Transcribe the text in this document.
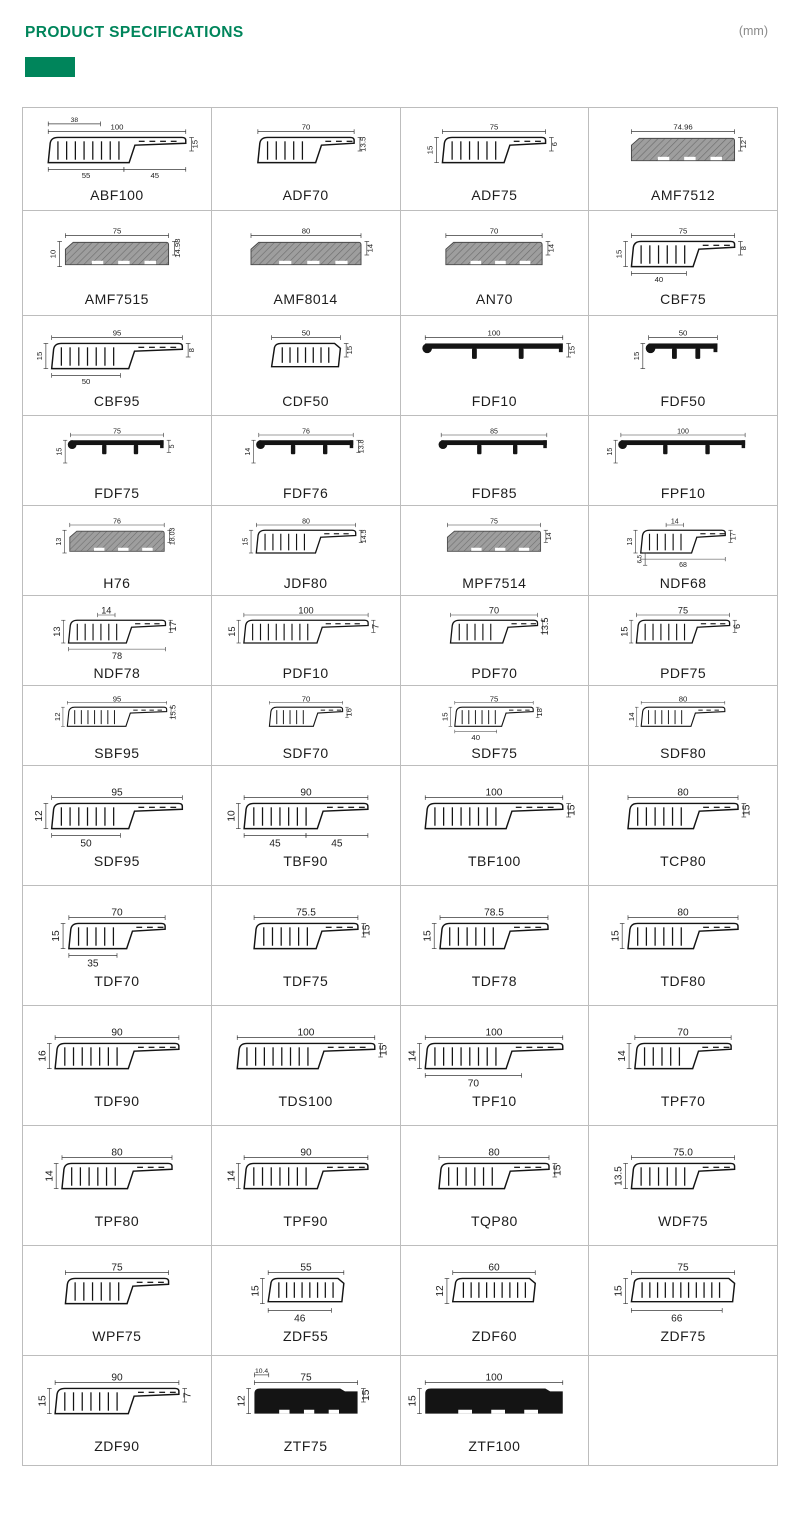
PRODUCT SPECIFICATIONS	(mm)
100
38
55	45
15
ABF100
70
13.5
ADF70
75
15
6
ADF75
74.96
12
AMF7512
75
10	14.98
AMF7515
80
14
AMF8014
70
14
AN70
75
40
15
8
CBF75
95
50
15
8
CBF95
50
15
CDF50
100
15
FDF10
50
15
FDF50
75
15
5
FDF75
76
14	13.8
FDF76
85
FDF85
100
15
FPF10
76
13	18.03
H76
80
15	14.5
JDF80
75
14
MPF7514
14
68
13
6.5
17
NDF68
14
78
13
17
NDF78
100
15
7
PDF10
70
13.5
PDF70
75
15
6
PDF75
95
12	15.5
SBF95
70
16
SDF70
75
40
15
18
SDF75
80
14
SDF80
95
50
12
SDF95
90
45	45
10
TBF90
100
15
TBF100
80
15
TCP80
70
35
15
TDF70
75.5
15
TDF75
78.5
15
TDF78
80
15
TDF80
90
16
TDF90
100
15
TDS100
100
70
14
TPF10
70
14
TPF70
80
14
TPF80
90
14
TPF90
80
15
TQP80
75.0
13.5
WDF75
75
WPF75
55
46
15
ZDF55
60
12
ZDF60
75
66
15
ZDF75
90
15
7
ZDF90
75
10.4
12
15
ZTF75
100
15
ZTF100
